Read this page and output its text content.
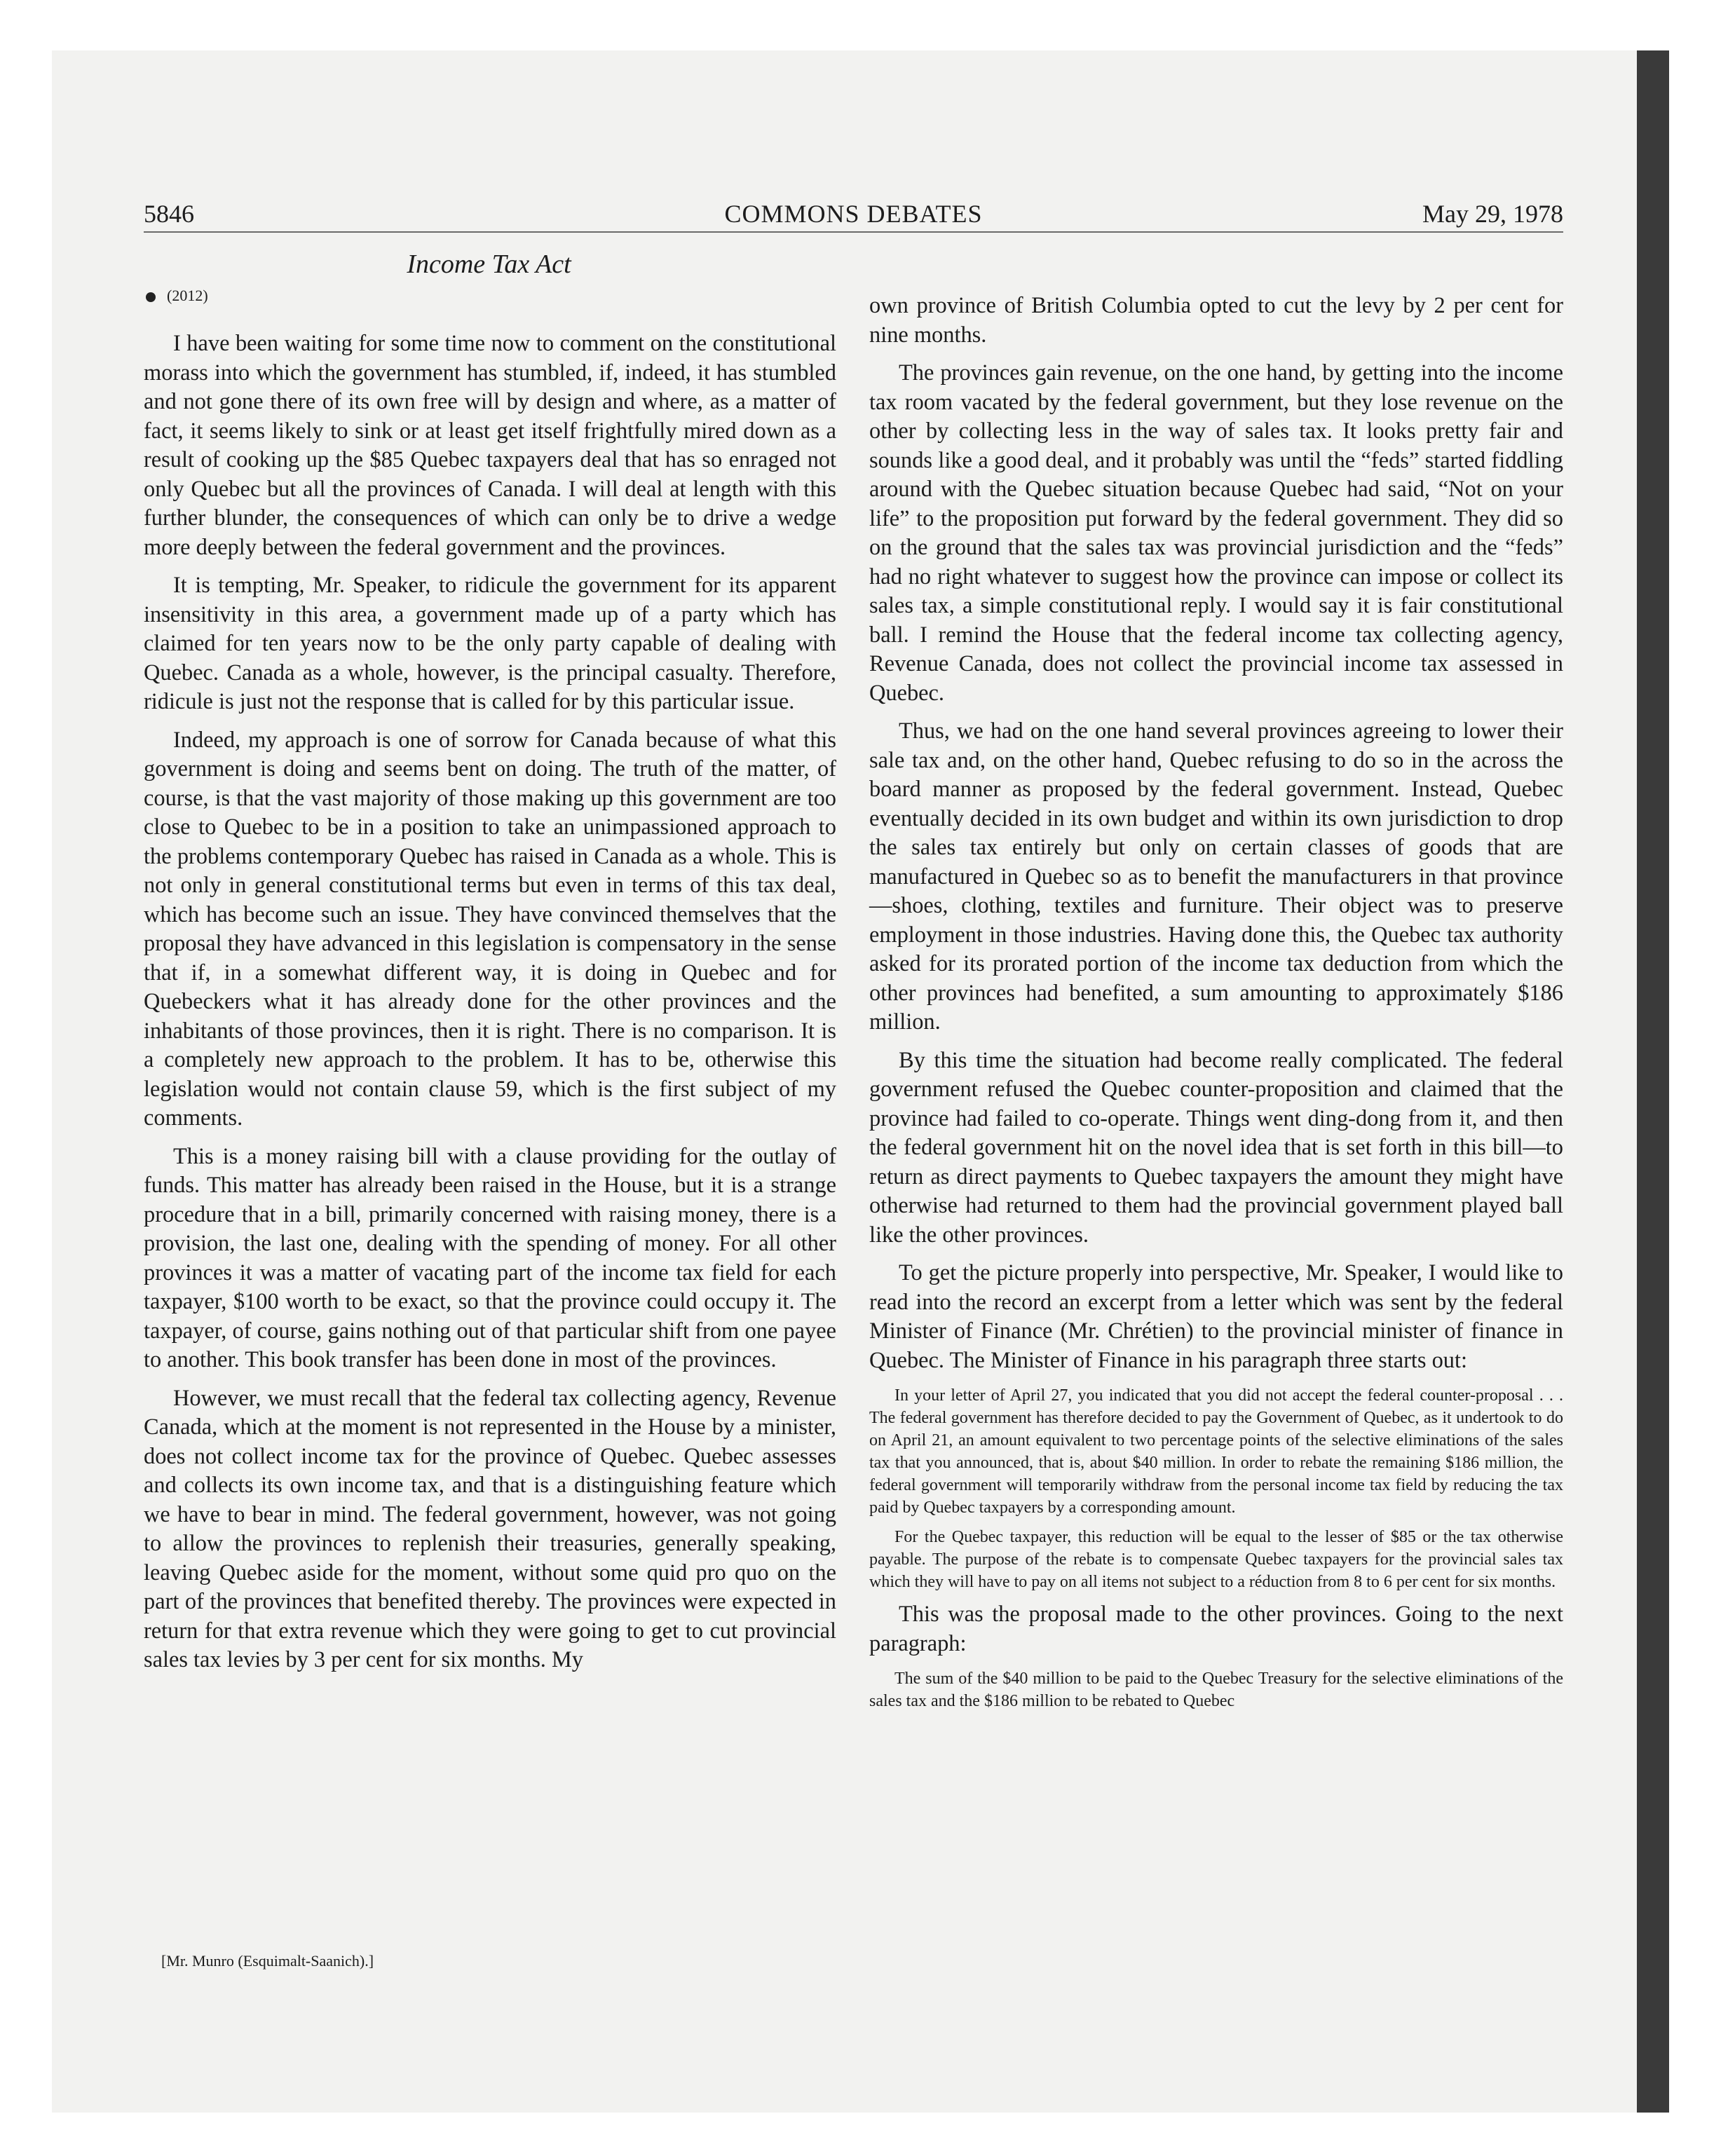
5846	COMMONS DEBATES	May 29, 1978
Income Tax Act
(2012)

I have been waiting for some time now to comment on the constitutional morass into which the government has stumbled, if, indeed, it has stumbled and not gone there of its own free will by design and where, as a matter of fact, it seems likely to sink or at least get itself frightfully mired down as a result of cooking up the $85 Quebec taxpayers deal that has so enraged not only Quebec but all the provinces of Canada. I will deal at length with this further blunder, the consequences of which can only be to drive a wedge more deeply between the federal government and the provinces.

It is tempting, Mr. Speaker, to ridicule the government for its apparent insensitivity in this area, a government made up of a party which has claimed for ten years now to be the only party capable of dealing with Quebec. Canada as a whole, however, is the principal casualty. Therefore, ridicule is just not the response that is called for by this particular issue.

Indeed, my approach is one of sorrow for Canada because of what this government is doing and seems bent on doing. The truth of the matter, of course, is that the vast majority of those making up this government are too close to Quebec to be in a position to take an unimpassioned approach to the problems contemporary Quebec has raised in Canada as a whole. This is not only in general constitutional terms but even in terms of this tax deal, which has become such an issue. They have convinced themselves that the proposal they have advanced in this legislation is compensatory in the sense that if, in a somewhat different way, it is doing in Quebec and for Quebeckers what it has already done for the other provinces and the inhabitants of those provinces, then it is right. There is no comparison. It is a completely new approach to the problem. It has to be, otherwise this legislation would not contain clause 59, which is the first subject of my comments.

This is a money raising bill with a clause providing for the outlay of funds. This matter has already been raised in the House, but it is a strange procedure that in a bill, primarily concerned with raising money, there is a provision, the last one, dealing with the spending of money. For all other provinces it was a matter of vacating part of the income tax field for each taxpayer, $100 worth to be exact, so that the province could occupy it. The taxpayer, of course, gains nothing out of that particular shift from one payee to another. This book transfer has been done in most of the provinces.

However, we must recall that the federal tax collecting agency, Revenue Canada, which at the moment is not represented in the House by a minister, does not collect income tax for the province of Quebec. Quebec assesses and collects its own income tax, and that is a distinguishing feature which we have to bear in mind. The federal government, however, was not going to allow the provinces to replenish their treasuries, generally speaking, leaving Quebec aside for the moment, without some quid pro quo on the part of the provinces that benefited thereby. The provinces were expected in return for that extra revenue which they were going to get to cut provincial sales tax levies by 3 per cent for six months. My

[Mr. Munro (Esquimalt-Saanich).]

own province of British Columbia opted to cut the levy by 2 per cent for nine months.

The provinces gain revenue, on the one hand, by getting into the income tax room vacated by the federal government, but they lose revenue on the other by collecting less in the way of sales tax. It looks pretty fair and sounds like a good deal, and it probably was until the “feds” started fiddling around with the Quebec situation because Quebec had said, “Not on your life” to the proposition put forward by the federal government. They did so on the ground that the sales tax was provincial jurisdiction and the “feds” had no right whatever to suggest how the province can impose or collect its sales tax, a simple constitutional reply. I would say it is fair constitutional ball. I remind the House that the federal income tax collecting agency, Revenue Canada, does not collect the provincial income tax assessed in Quebec.

Thus, we had on the one hand several provinces agreeing to lower their sale tax and, on the other hand, Quebec refusing to do so in the across the board manner as proposed by the federal government. Instead, Quebec eventually decided in its own budget and within its own jurisdiction to drop the sales tax entirely but only on certain classes of goods that are manufactured in Quebec so as to benefit the manufacturers in that province—shoes, clothing, textiles and furniture. Their object was to preserve employment in those industries. Having done this, the Quebec tax authority asked for its prorated portion of the income tax deduction from which the other provinces had benefited, a sum amounting to approximately $186 million.

By this time the situation had become really complicated. The federal government refused the Quebec counter-proposition and claimed that the province had failed to co-operate. Things went ding-dong from it, and then the federal government hit on the novel idea that is set forth in this bill—to return as direct payments to Quebec taxpayers the amount they might have otherwise had returned to them had the provincial government played ball like the other provinces.

To get the picture properly into perspective, Mr. Speaker, I would like to read into the record an excerpt from a letter which was sent by the federal Minister of Finance (Mr. Chrétien) to the provincial minister of finance in Quebec. The Minister of Finance in his paragraph three starts out:

In your letter of April 27, you indicated that you did not accept the federal counter-proposal . . . The federal government has therefore decided to pay the Government of Quebec, as it undertook to do on April 21, an amount equivalent to two percentage points of the selective eliminations of the sales tax that you announced, that is, about $40 million. In order to rebate the remaining $186 million, the federal government will temporarily withdraw from the personal income tax field by reducing the tax paid by Quebec taxpayers by a corresponding amount.

For the Quebec taxpayer, this reduction will be equal to the lesser of $85 or the tax otherwise payable. The purpose of the rebate is to compensate Quebec taxpayers for the provincial sales tax which they will have to pay on all items not subject to a réduction from 8 to 6 per cent for six months.

This was the proposal made to the other provinces. Going to the next paragraph:

The sum of the $40 million to be paid to the Quebec Treasury for the selective eliminations of the sales tax and the $186 million to be rebated to Quebec
